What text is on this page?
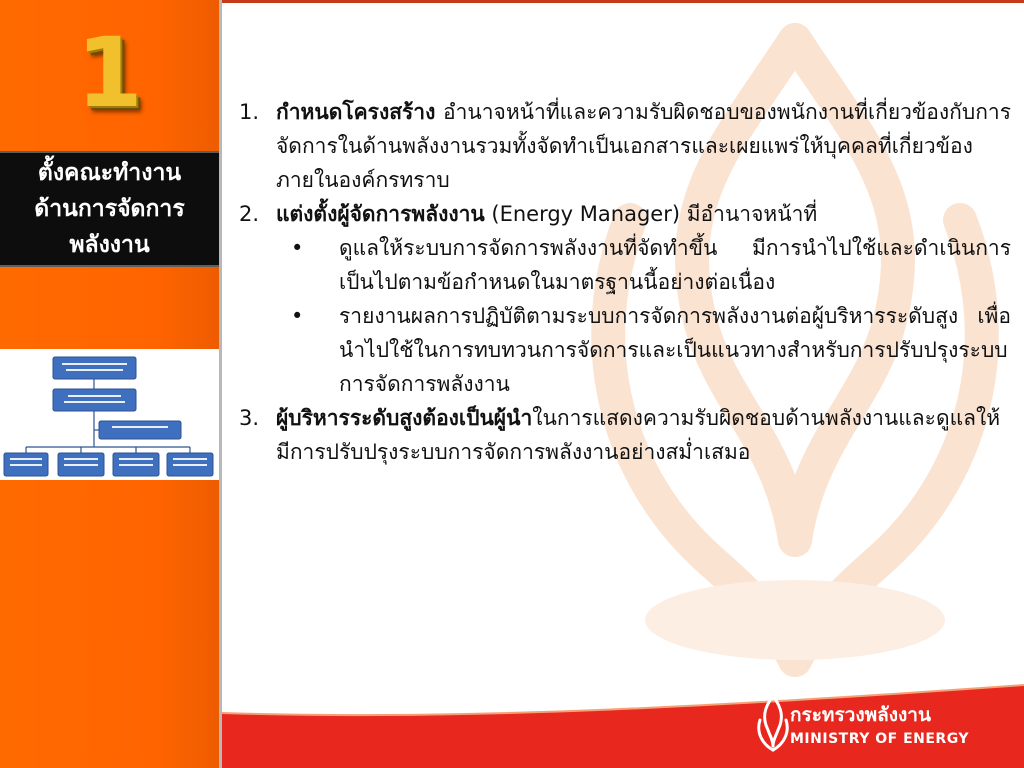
1
ตั้งคณะทำงาน
ด้านการจัดการ
พลังงาน
1. กำหนดโครงสร้าง อำนาจหน้าที่และความรับผิดชอบของพนักงานที่เกี่ยวข้องกับการจัดการในด้านพลังงานรวมทั้งจัดทำเป็นเอกสารและเผยแพร่ให้บุคคลที่เกี่ยวข้องภายในองค์กรทราบ
2. แต่งตั้งผู้จัดการพลังงาน (Energy Manager) มีอำนาจหน้าที่
• ดูแลให้ระบบการจัดการพลังงานที่จัดทำขึ้น มีการนำไปใช้และดำเนินการเป็นไปตามข้อกำหนดในมาตรฐานนี้อย่างต่อเนื่อง
• รายงานผลการปฏิบัติตามระบบการจัดการพลังงานต่อผู้บริหารระดับสูง เพื่อนำไปใช้ในการทบทวนการจัดการและเป็นแนวทางสำหรับการปรับปรุงระบบการจัดการพลังงาน
3. ผู้บริหารระดับสูงต้องเป็นผู้นำในการแสดงความรับผิดชอบด้านพลังงานและดูแลให้มีการปรับปรุงระบบการจัดการพลังงานอย่างสม่ำเสมอ
กระทรวงพลังงาน
MINISTRY OF ENERGY
